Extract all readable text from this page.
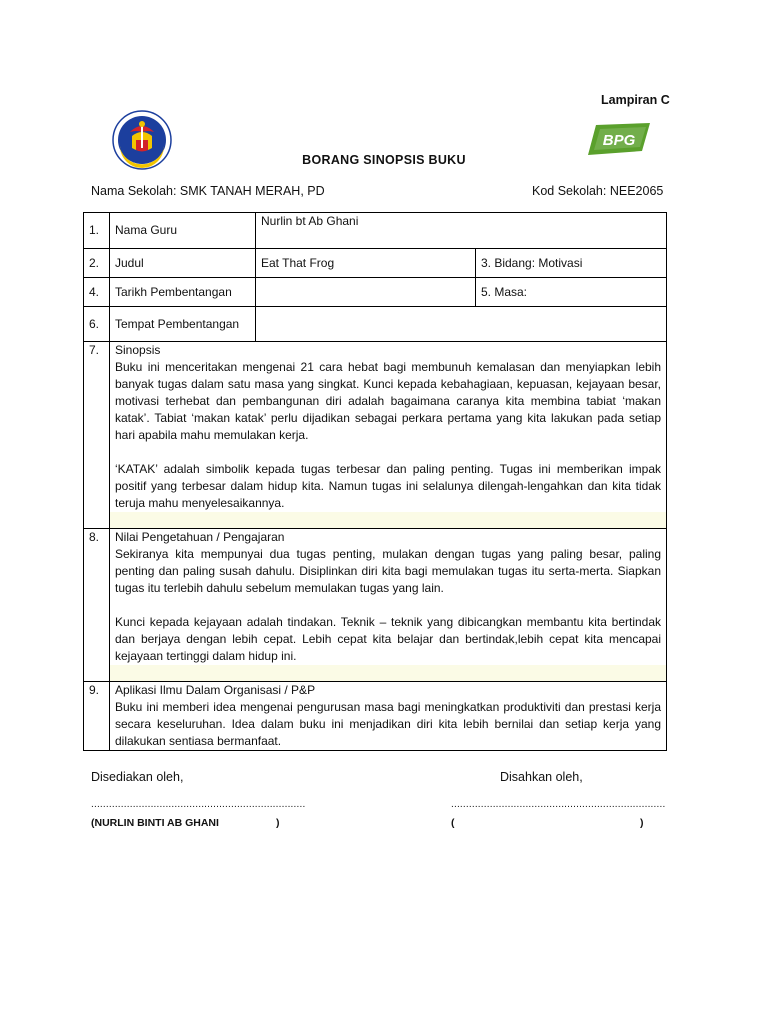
Lampiran C
BPG
BORANG SINOPSIS BUKU
Nama Sekolah: SMK TANAH MERAH, PD	Kod Sekolah: NEE2065
1.	Nama Guru	Nurlin bt Ab Ghani	
2.	Judul	Eat That Frog	3. Bidang: Motivasi
4.	Tarikh Pembentangan		5. Masa:
6.	Tempat Pembentangan		
7.	Sinopsis
Buku ini menceritakan mengenai 21 cara hebat bagi membunuh kemalasan dan menyiapkan lebih banyak tugas dalam satu masa yang singkat. Kunci kepada kebahagiaan, kepuasan, kejayaan besar, motivasi terhebat dan pembangunan diri adalah bagaimana caranya kita membina tabiat ‘makan katak’. Tabiat ‘makan katak’ perlu dijadikan sebagai perkara pertama yang kita lakukan pada setiap hari apabila mahu memulakan kerja.
‘KATAK’ adalah simbolik kepada tugas terbesar dan paling penting. Tugas ini memberikan impak positif yang terbesar dalam hidup kita. Namun tugas ini selalunya dilengah-lengahkan dan kita tidak teruja mahu menyelesaikannya.		

8.	Nilai Pengetahuan / Pengajaran
Sekiranya kita mempunyai dua tugas penting, mulakan dengan tugas yang paling besar, paling penting dan paling susah dahulu. Disiplinkan diri kita bagi memulakan tugas itu serta-merta. Siapkan tugas itu terlebih dahulu sebelum memulakan tugas yang lain.
Kunci kepada kejayaan adalah tindakan. Teknik – teknik yang dibicangkan membantu kita bertindak dan berjaya dengan lebih cepat. Lebih cepat kita belajar dan bertindak,lebih cepat kita mencapai kejayaan tertinggi dalam hidup ini.		

9.	Aplikasi Ilmu Dalam Organisasi / P&P
Buku ini memberi idea mengenai pengurusan masa bagi meningkatkan produktiviti dan prestasi kerja secara keseluruhan. Idea dalam buku ini menjadikan diri kita lebih bernilai dan setiap kerja yang dilakukan sentiasa bermanfaat.		
Disediakan oleh,	Disahkan oleh,
........................................................................	........................................................................
(NURLIN BINTI AB GHANI	)	(	)
